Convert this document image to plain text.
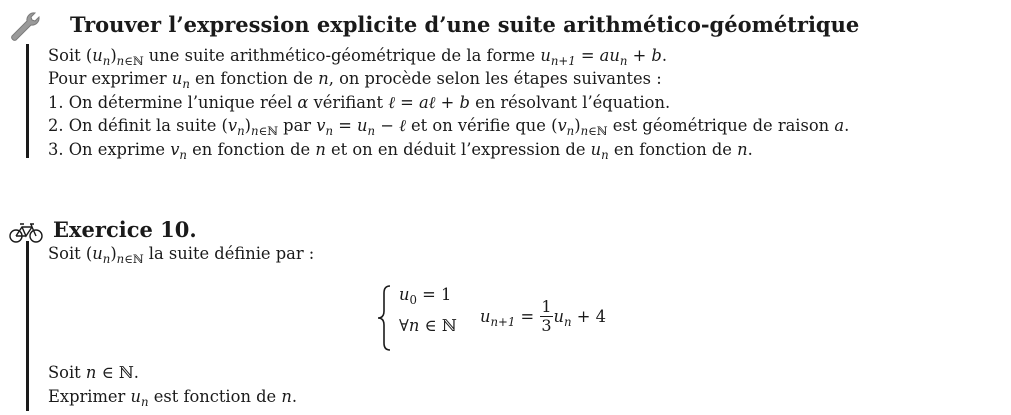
Trouver l’expression explicite d’une suite arithmético-géométrique
Soit $(u_n)_{n\in ℕ}$ une suite arithmético-géométrique de la forme $u_{n+1} = au_n + b$.
Pour exprimer $u_n$ en fonction de n, on procède selon les étapes suivantes :
1. On détermine l’unique réel α vérifiant ℓ = aℓ + b en résolvant l’équation.
2. On définit la suite $(v_n)_{n\in ℕ}$ par $v_n = u_n$ − ℓ et on vérifie que $(v_n)_{n\in ℕ}$ est géométrique de raison a.
3. On exprime $v_n$ en fonction de n et on en déduit l’expression de $u_n$ en fonction de n.
Exercice 10.
Soit $(u_n)_{n\in ℕ}$ la suite définie par :
$u_0 = 1$
∀n ∈ ℕ $u_{n+1} = \frac{1}{3} u_n + 4$
Soit n ∈ ℕ.
Exprimer $u_n$ est fonction de n.
